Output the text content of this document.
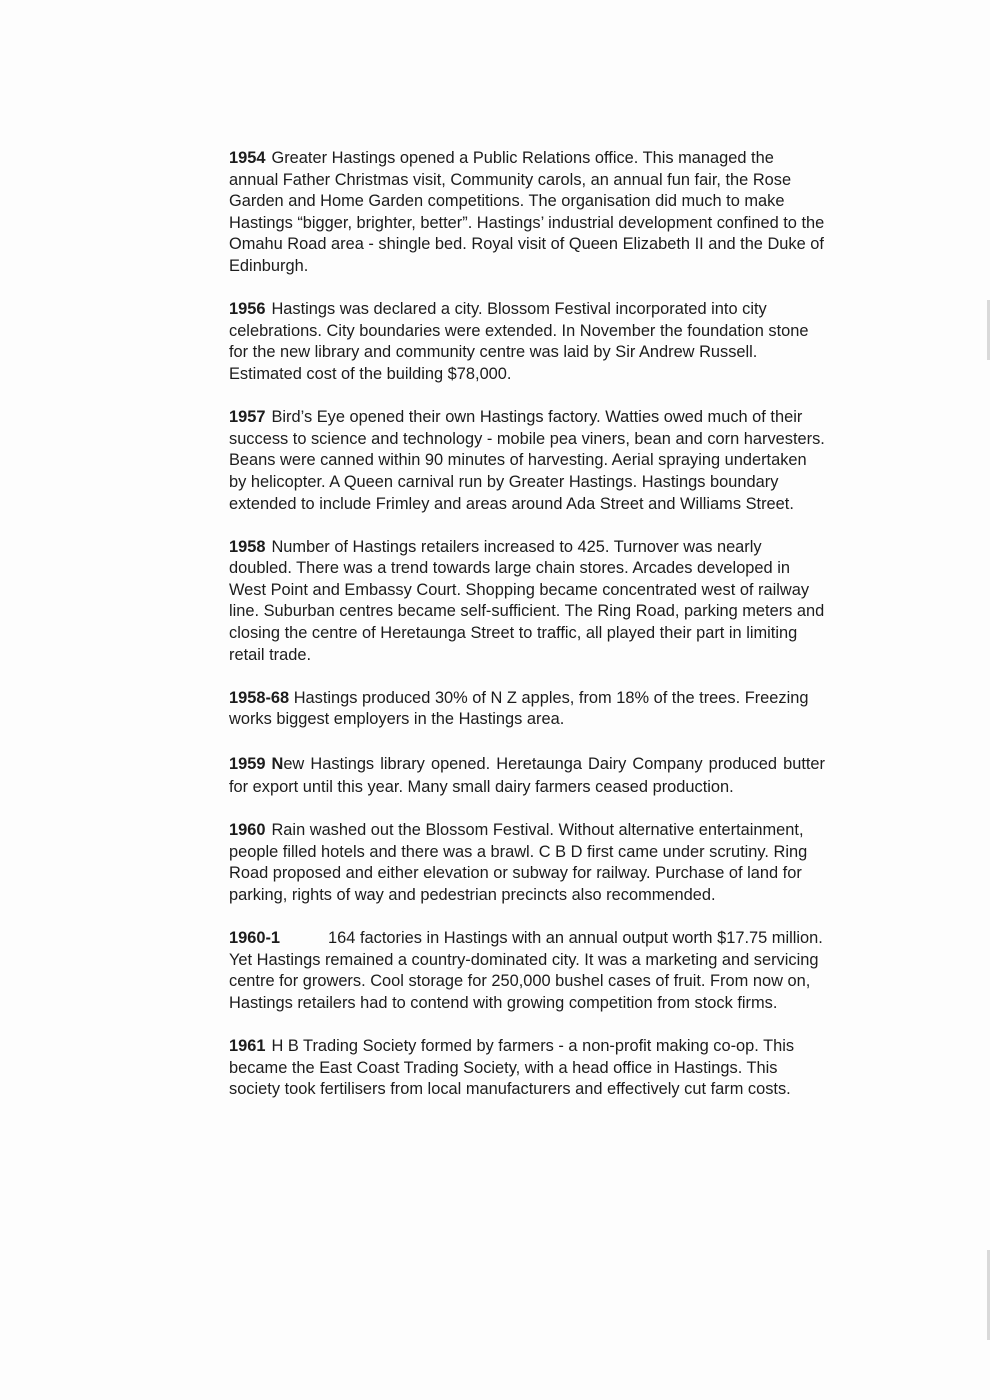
1954 Greater Hastings opened a Public Relations office. This managed the annual Father Christmas visit, Community carols, an annual fun fair, the Rose Garden and Home Garden competitions. The organisation did much to make Hastings “bigger, brighter, better”. Hastings’ industrial development confined to the Omahu Road area - shingle bed. Royal visit of Queen Elizabeth II and the Duke of Edinburgh.

1956 Hastings was declared a city. Blossom Festival incorporated into city celebrations. City boundaries were extended. In November the foundation stone for the new library and community centre was laid by Sir Andrew Russell. Estimated cost of the building $78,000.

1957 Bird’s Eye opened their own Hastings factory. Watties owed much of their success to science and technology - mobile pea viners, bean and corn harvesters. Beans were canned within 90 minutes of harvesting. Aerial spraying undertaken by helicopter. A Queen carnival run by Greater Hastings. Hastings boundary extended to include Frimley and areas around Ada Street and Williams Street.

1958 Number of Hastings retailers increased to 425. Turnover was nearly doubled. There was a trend towards large chain stores. Arcades developed in West Point and Embassy Court. Shopping became concentrated west of railway line. Suburban centres became self-sufficient. The Ring Road, parking meters and closing the centre of Heretaunga Street to traffic, all played their part in limiting retail trade.

1958-68 Hastings produced 30% of N Z apples, from 18% of the trees. Freezing works biggest employers in the Hastings area.

1959 New Hastings library opened. Heretaunga Dairy Company produced butter for export until this year. Many small dairy farmers ceased production.

1960 Rain washed out the Blossom Festival. Without alternative entertainment, people filled hotels and there was a brawl. C B D first came under scrutiny. Ring Road proposed and either elevation or subway for railway. Purchase of land for parking, rights of way and pedestrian precincts also recommended.

1960-1	164 factories in Hastings with an annual output worth $17.75 million. Yet Hastings remained a country-dominated city. It was a marketing and servicing centre for growers. Cool storage for 250,000 bushel cases of fruit. From now on, Hastings retailers had to contend with growing competition from stock firms.

1961 H B Trading Society formed by farmers - a non-profit making co-op. This became the East Coast Trading Society, with a head office in Hastings. This society took fertilisers from local manufacturers and effectively cut farm costs.
